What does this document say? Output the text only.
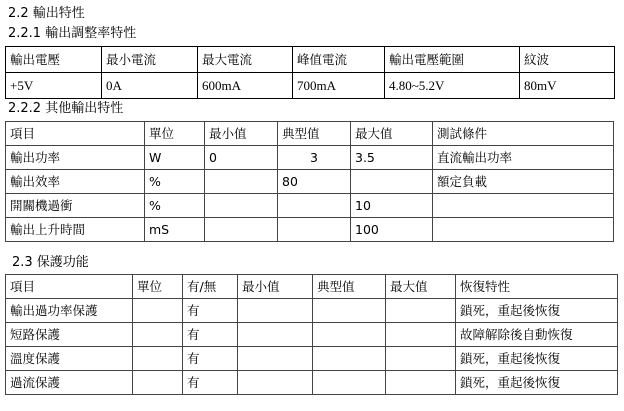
2.2 輸出特性
2.2.1 輸出調整率特性
輸出電壓	最小電流	最大電流	峰值電流	輸出電壓範圍	紋波
+5V	0A	600mA	700mA	4.80~5.2V	80mV
2.2.2 其他輸出特性
項目	單位	最小值	典型值	最大值	測試條件
輸出功率	W	0	3	3.5	直流輸出功率
輸出效率	%		80		額定負載
開關機過衝	%			10	
輸出上升時間	mS			100	
2.3 保護功能
項目	單位	有/無	最小值	典型值	最大值	恢復特性
輸出過功率保護		有				鎖死，重起後恢復
短路保護		有				故障解除後自動恢復
溫度保護		有				鎖死，重起後恢復
過流保護		有				鎖死，重起後恢復
